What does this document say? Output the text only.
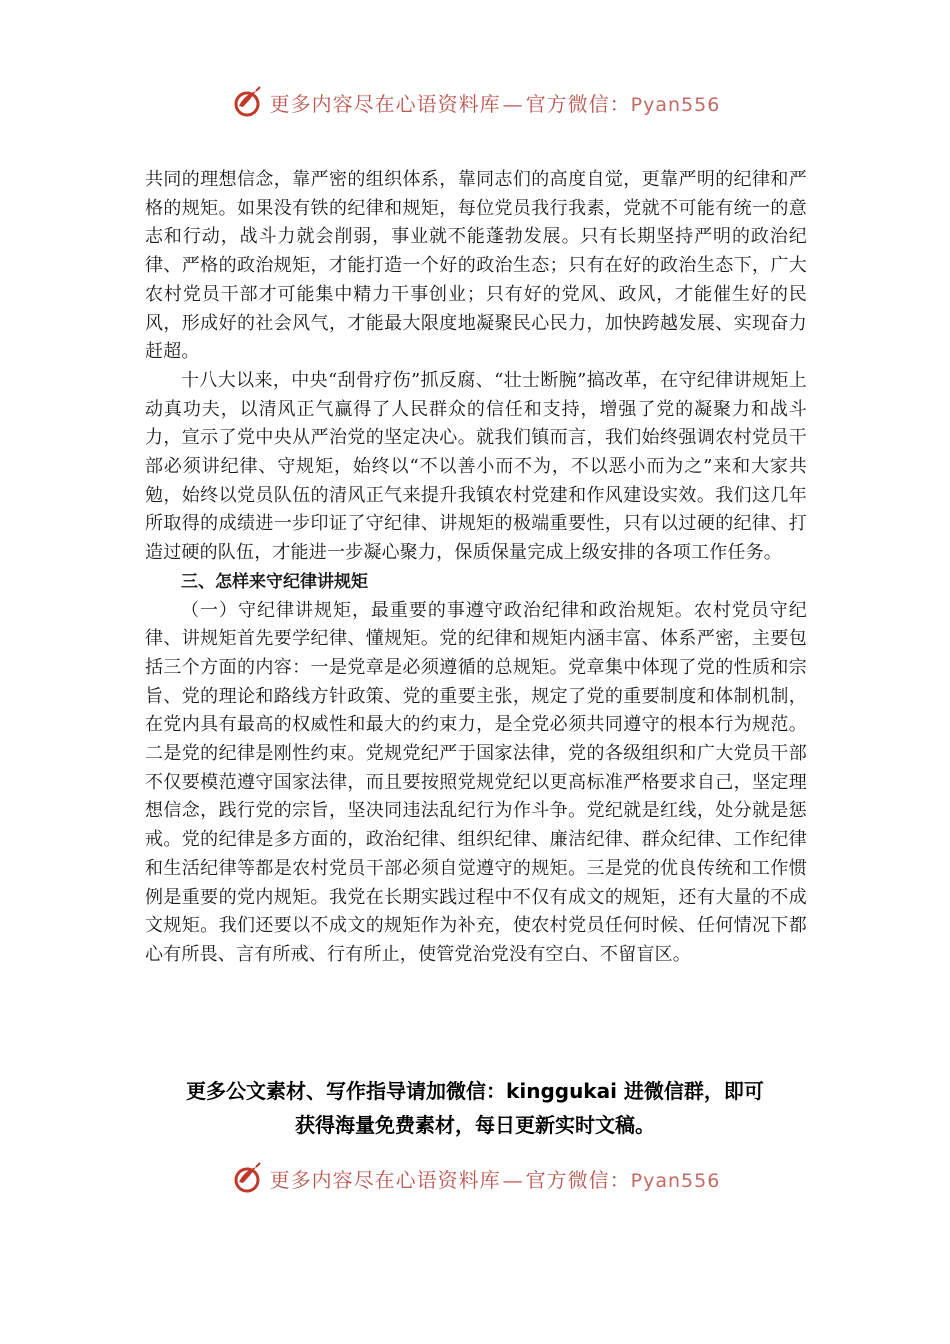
更多内容尽在心语资料库 — 官方微信：Pyan556

共同的理想信念，靠严密的组织体系，靠同志们的高度自觉，更靠严明的纪律和严格的规矩。如果没有铁的纪律和规矩，每位党员我行我素，党就不可能有统一的意志和行动，战斗力就会削弱，事业就不能蓬勃发展。只有长期坚持严明的政治纪律、严格的政治规矩，才能打造一个好的政治生态；只有在好的政治生态下，广大农村党员干部才可能集中精力干事创业；只有好的党风、政风，才能催生好的民风，形成好的社会风气，才能最大限度地凝聚民心民力，加快跨越发展、实现奋力赶超。

十八大以来，中央“刮骨疗伤”抓反腐、“壮士断腕”搞改革，在守纪律讲规矩上动真功夫，以清风正气赢得了人民群众的信任和支持，增强了党的凝聚力和战斗力，宣示了党中央从严治党的坚定决心。就我们镇而言，我们始终强调农村党员干部必须讲纪律、守规矩，始终以“不以善小而不为，不以恶小而为之”来和大家共勉，始终以党员队伍的清风正气来提升我镇农村党建和作风建设实效。我们这几年所取得的成绩进一步印证了守纪律、讲规矩的极端重要性，只有以过硬的纪律、打造过硬的队伍，才能进一步凝心聚力，保质保量完成上级安排的各项工作任务。

三、怎样来守纪律讲规矩

（一）守纪律讲规矩，最重要的事遵守政治纪律和政治规矩。农村党员守纪律、讲规矩首先要学纪律、懂规矩。党的纪律和规矩内涵丰富、体系严密，主要包括三个方面的内容：一是党章是必须遵循的总规矩。党章集中体现了党的性质和宗旨、党的理论和路线方针政策、党的重要主张，规定了党的重要制度和体制机制，在党内具有最高的权威性和最大的约束力，是全党必须共同遵守的根本行为规范。二是党的纪律是刚性约束。党规党纪严于国家法律，党的各级组织和广大党员干部不仅要模范遵守国家法律，而且要按照党规党纪以更高标准严格要求自己，坚定理想信念，践行党的宗旨，坚决同违法乱纪行为作斗争。党纪就是红线，处分就是惩戒。党的纪律是多方面的，政治纪律、组织纪律、廉洁纪律、群众纪律、工作纪律和生活纪律等都是农村党员干部必须自觉遵守的规矩。三是党的优良传统和工作惯例是重要的党内规矩。我党在长期实践过程中不仅有成文的规矩，还有大量的不成文规矩。我们还要以不成文的规矩作为补充，使农村党员任何时候、任何情况下都心有所畏、言有所戒、行有所止，使管党治党没有空白、不留盲区。

更多公文素材、写作指导请加微信：kinggukai 进微信群，即可
获得海量免费素材，每日更新实时文稿。
更多内容尽在心语资料库 — 官方微信：Pyan556
